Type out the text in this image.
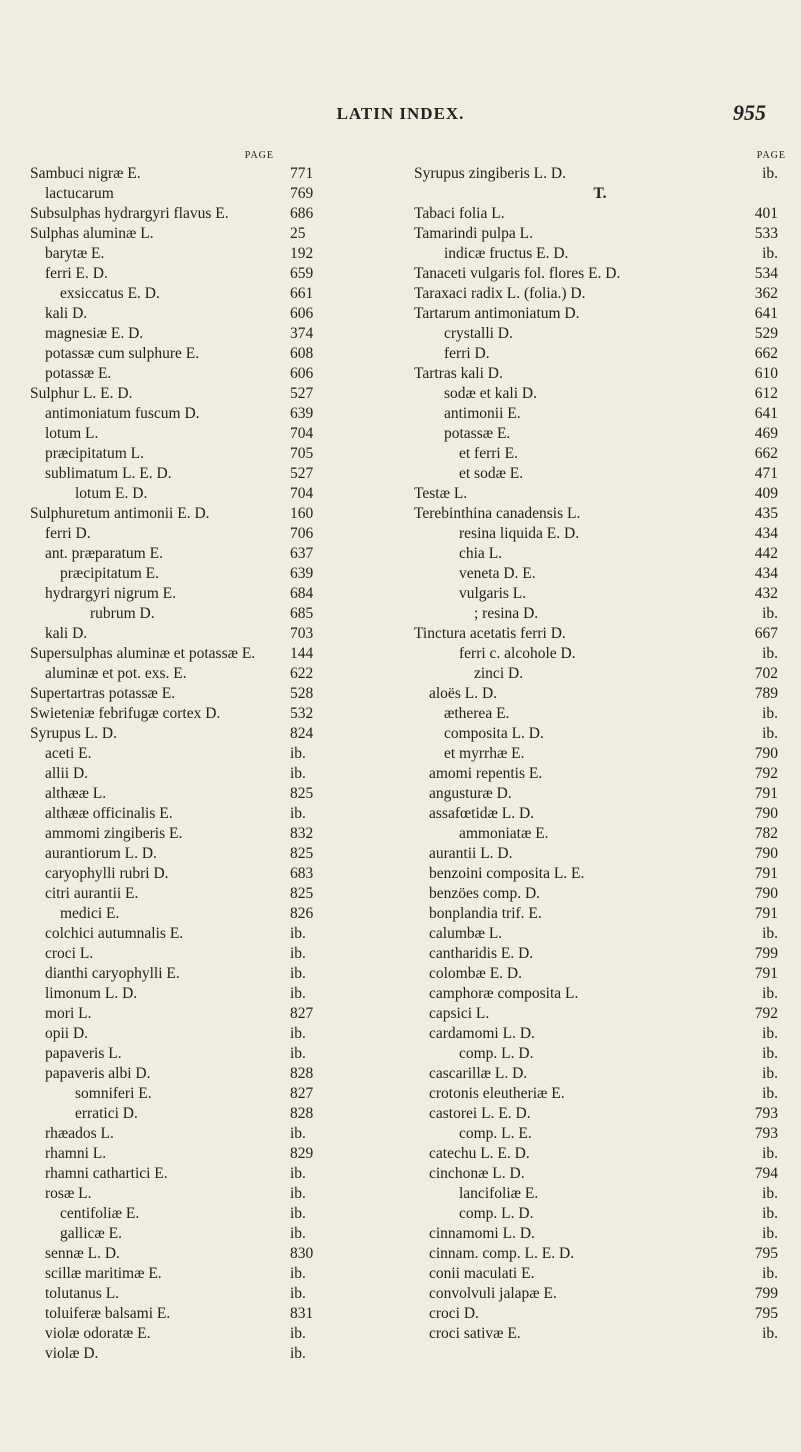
LATIN INDEX.	955
PAGE
Sambuci nigræ E.	771
lactucarum	769
Subsulphas hydrargyri flavus E.	686
Sulphas aluminæ L.	25
barytæ E.	192
ferri E. D.	659
exsiccatus E. D.	661
kali D.	606
magnesiæ E. D.	374
potassæ cum sulphure E.	608
potassæ E.	606
Sulphur L. E. D.	527
antimoniatum fuscum D.	639
lotum L.	704
præcipitatum L.	705
sublimatum L. E. D.	527
lotum E. D.	704
Sulphuretum antimonii E. D.	160
ferri D.	706
ant. præparatum E.	637
præcipitatum E.	639
hydrargyri nigrum E.	684
rubrum D.	685
kali D.	703
Supersulphas aluminæ et potassæ E. 144
aluminæ et pot. exs. E.	622
Supertartras potassæ E.	528
Swieteniæ febrifugæ cortex D.	532
Syrupus L. D.	824
aceti E.	ib.
allii D.	ib.
althææ L.	825
althææ officinalis E.	ib.
ammomi zingiberis E.	832
aurantiorum L. D.	825
caryophylli rubri D.	683
citri aurantii E.	825
medici E.	826
colchici autumnalis E.	ib.
croci L.	ib.
dianthi caryophylli E.	ib.
limonum L. D.	ib.
mori L.	827
opii D.	ib.
papaveris L.	ib.
papaveris albi D.	828
somniferi E.	827
erratici D.	828
rhæados L.	ib.
rhamni L.	829
rhamni cathartici E.	ib.
rosæ L.	ib.
centifoliæ E.	ib.
gallicæ E.	ib.
sennæ L. D.	830
scillæ maritimæ E.	ib.
tolutanus L.	ib.
toluiferæ balsami E.	831
violæ odoratæ E.	ib.
violæ D.	ib.
PAGE
Syrupus zingiberis L. D.	ib.
T.
Tabaci folia L.	401
Tamarindi pulpa L.	533
indicæ fructus E. D.	ib.
Tanaceti vulgaris fol. flores E. D.	534
Taraxaci radix L. (folia.) D.	362
Tartarum antimoniatum D.	641
crystalli D.	529
ferri D.	662
Tartras kali D.	610
sodæ et kali D.	612
antimonii E.	641
potassæ E.	469
et ferri E.	662
et sodæ E.	471
Testæ L.	409
Terebinthina canadensis L.	435
resina liquida E. D.	434
chia L.	442
veneta D. E.	434
vulgaris L.	432
; resina D.	ib.
Tinctura acetatis ferri D.	667
ferri c. alcohole D.	ib.
zinci D.	702
aloës L. D.	789
ætherea E.	ib.
composita L. D.	ib.
et myrrhæ E.	790
amomi repentis E.	792
angusturæ D.	791
assafœtidæ L. D.	790
ammoniatæ E.	782
aurantii L. D.	790
benzoini composita L. E.	791
benzöes comp. D.	790
bonplandia trif. E.	791
calumbæ L.	ib.
cantharidis E. D.	799
colombæ E. D.	791
camphoræ composita L.	ib.
capsici L.	792
cardamomi L. D.	ib.
comp. L. D.	ib.
cascarillæ L. D.	ib.
crotonis eleutheriæ E.	ib.
castorei L. E. D.	793
comp. L. E.	793
catechu L. E. D.	ib.
cinchonæ L. D.	794
lancifoliæ E.	ib.
comp. L. D.	ib.
cinnamomi L. D.	ib.
cinnam. comp. L. E. D.	795
conii maculati E.	ib.
convolvuli jalapæ E.	799
croci D.	795
croci sativæ E.	ib.
